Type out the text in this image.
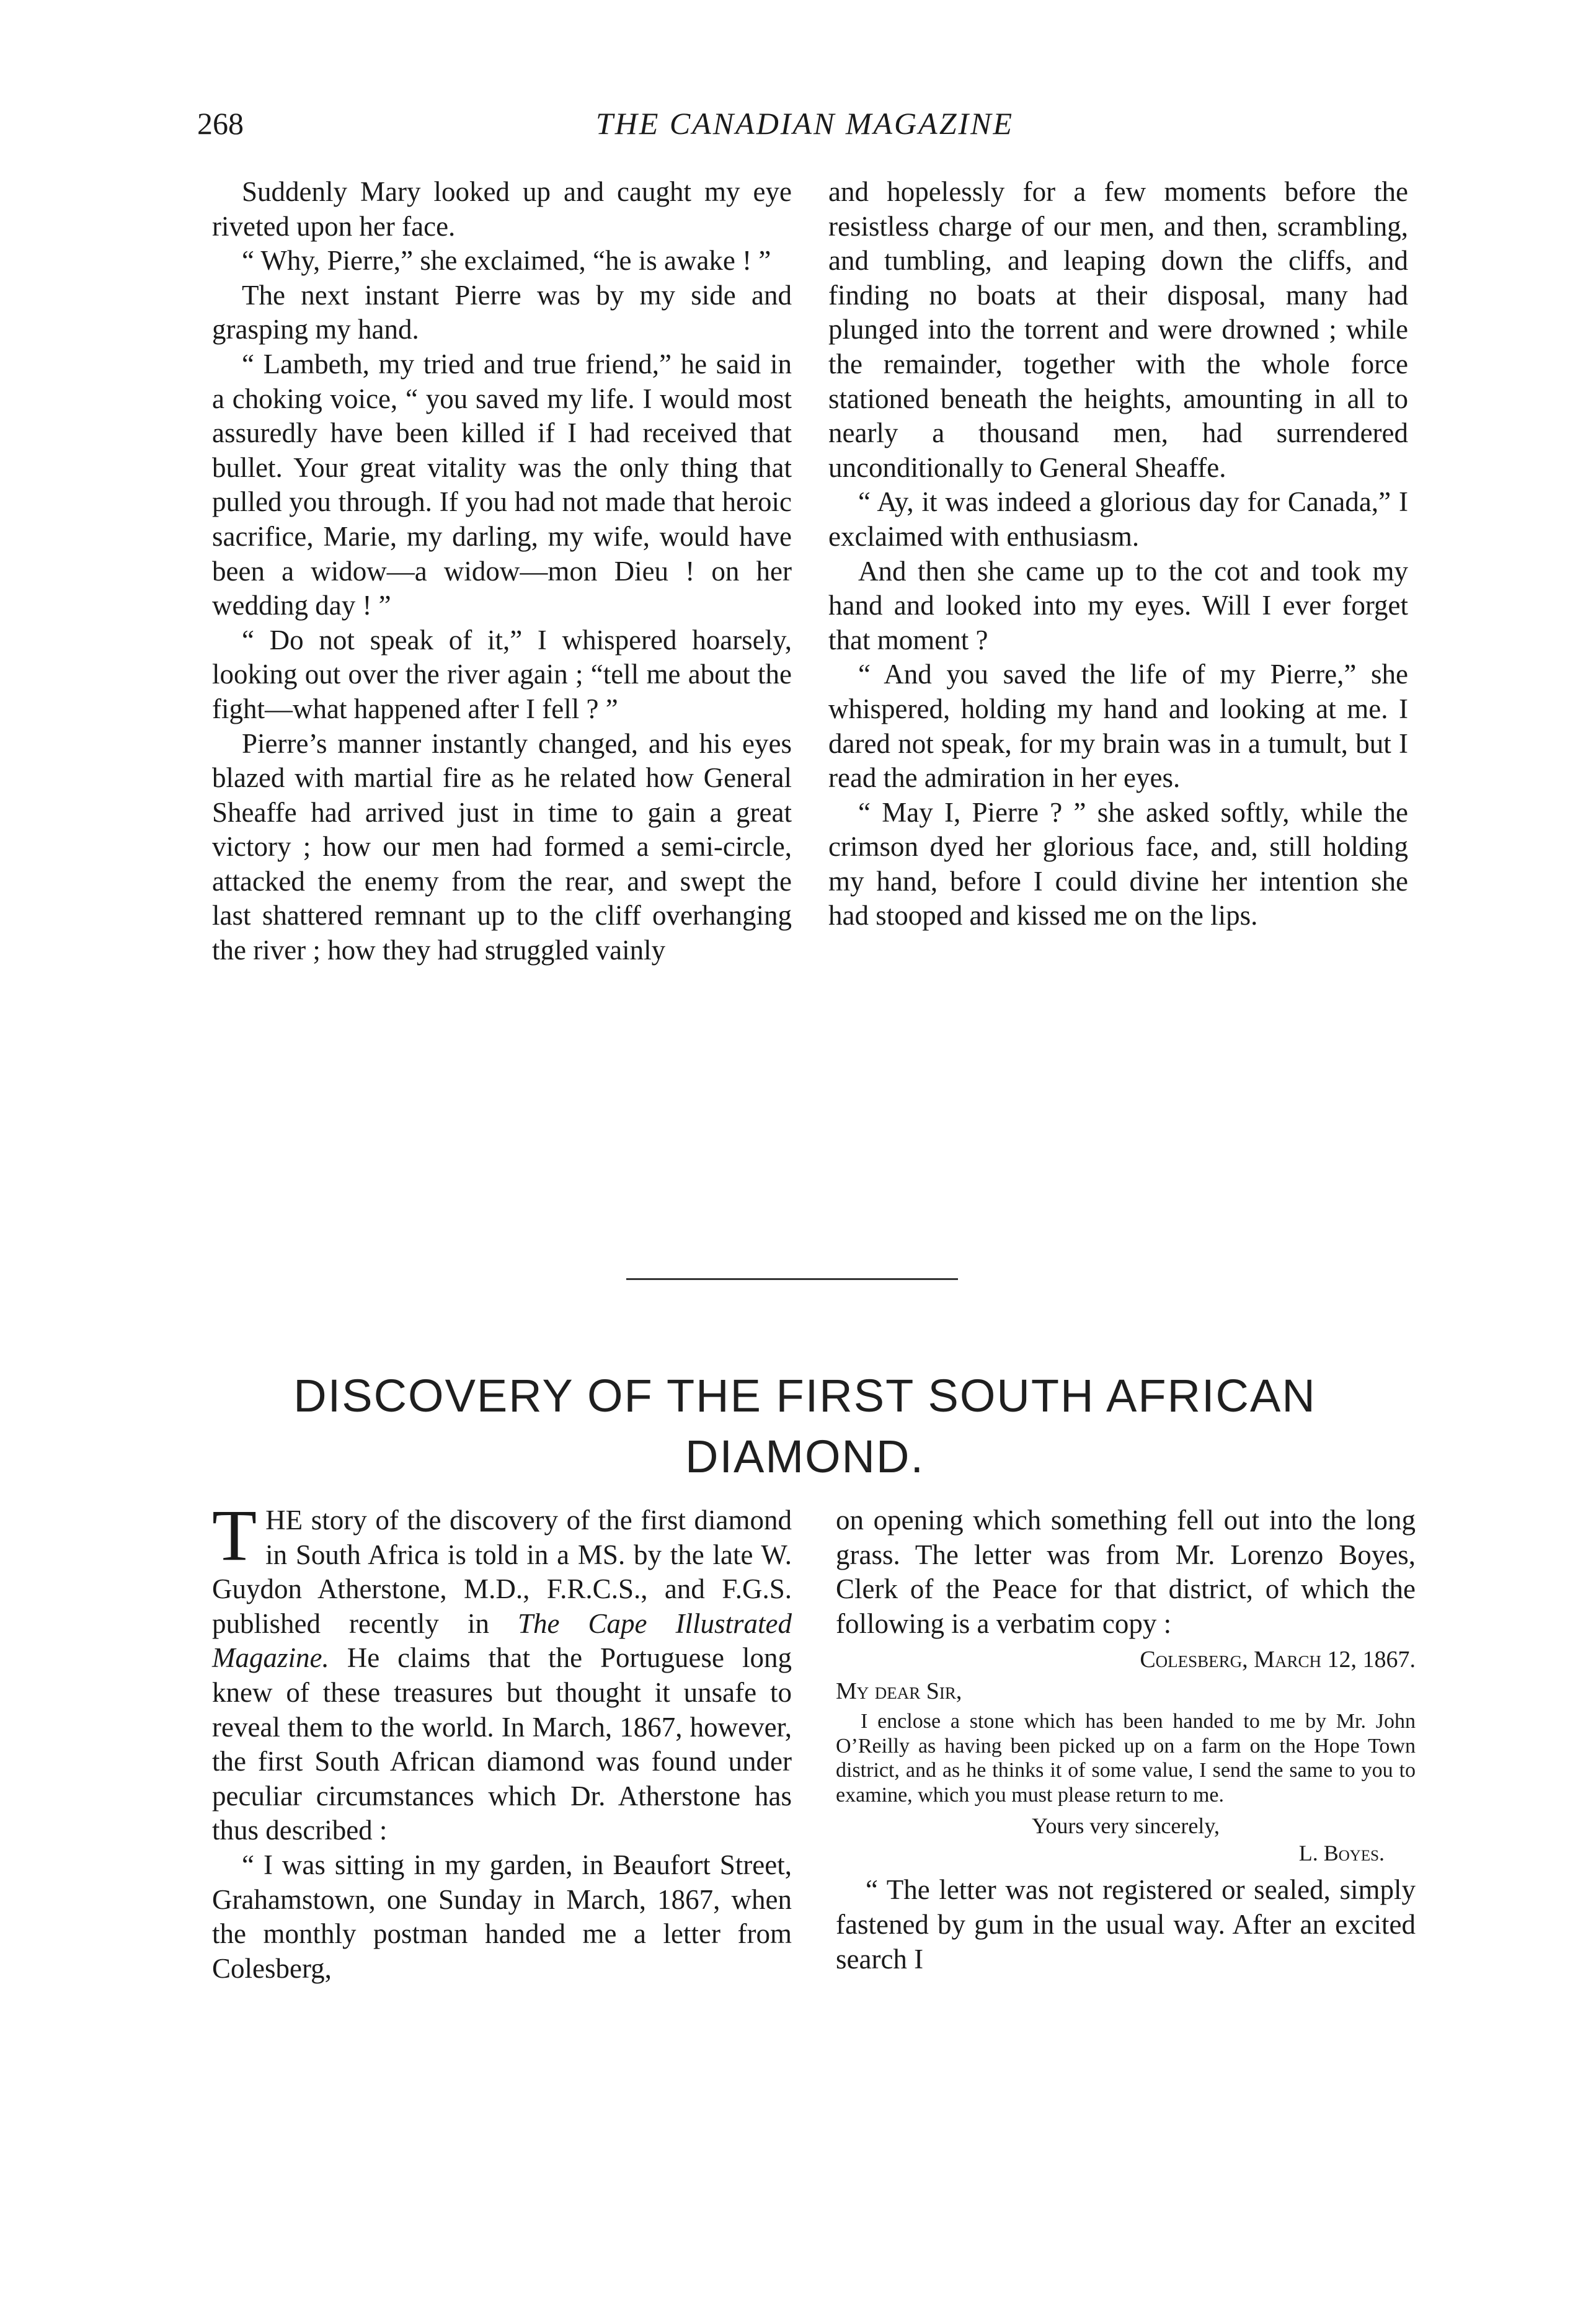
268	THE CANADIAN MAGAZINE

Suddenly Mary looked up and caught my eye riveted upon her face.

“ Why, Pierre,” she exclaimed, “he is awake ! ”

The next instant Pierre was by my side and grasping my hand.

“ Lambeth, my tried and true friend,” he said in a choking voice, “ you saved my life. I would most assuredly have been killed if I had received that bullet. Your great vitality was the only thing that pulled you through. If you had not made that heroic sacrifice, Marie, my darling, my wife, would have been a widow—a widow—mon Dieu ! on her wedding day ! ”

“ Do not speak of it,” I whispered hoarsely, looking out over the river again ; “tell me about the fight—what happened after I fell ? ”

Pierre’s manner instantly changed, and his eyes blazed with martial fire as he related how General Sheaffe had arrived just in time to gain a great victory ; how our men had formed a semi-circle, attacked the enemy from the rear, and swept the last shattered remnant up to the cliff overhanging the river ; how they had struggled vainly

and hopelessly for a few moments before the resistless charge of our men, and then, scrambling, and tumbling, and leaping down the cliffs, and finding no boats at their disposal, many had plunged into the torrent and were drowned ; while the remainder, together with the whole force stationed beneath the heights, amounting in all to nearly a thousand men, had surrendered unconditionally to General Sheaffe.

“ Ay, it was indeed a glorious day for Canada,” I exclaimed with enthusiasm.

And then she came up to the cot and took my hand and looked into my eyes. Will I ever forget that moment ?

“ And you saved the life of my Pierre,” she whispered, holding my hand and looking at me. I dared not speak, for my brain was in a tumult, but I read the admiration in her eyes.

“ May I, Pierre ? ” she asked softly, while the crimson dyed her glorious face, and, still holding my hand, before I could divine her intention she had stooped and kissed me on the lips.

DISCOVERY OF THE FIRST SOUTH AFRICAN DIAMOND.

THE story of the discovery of the first diamond in South Africa is told in a MS. by the late W. Guydon Atherstone, M.D., F.R.C.S., and F.G.S. published recently in The Cape Illustrated Magazine. He claims that the Portuguese long knew of these treasures but thought it unsafe to reveal them to the world. In March, 1867, however, the first South African diamond was found under peculiar circumstances which Dr. Atherstone has thus described :

“ I was sitting in my garden, in Beaufort Street, Grahamstown, one Sunday in March, 1867, when the monthly postman handed me a letter from Colesberg,

on opening which something fell out into the long grass. The letter was from Mr. Lorenzo Boyes, Clerk of the Peace for that district, of which the following is a verbatim copy :

Colesberg, March 12, 1867.
My dear Sir,
I enclose a stone which has been handed to me by Mr. John O’Reilly as having been picked up on a farm on the Hope Town district, and as he thinks it of some value, I send the same to you to examine, which you must please return to me.
Yours very sincerely,
L. Boyes.

“ The letter was not registered or sealed, simply fastened by gum in the usual way. After an excited search I
